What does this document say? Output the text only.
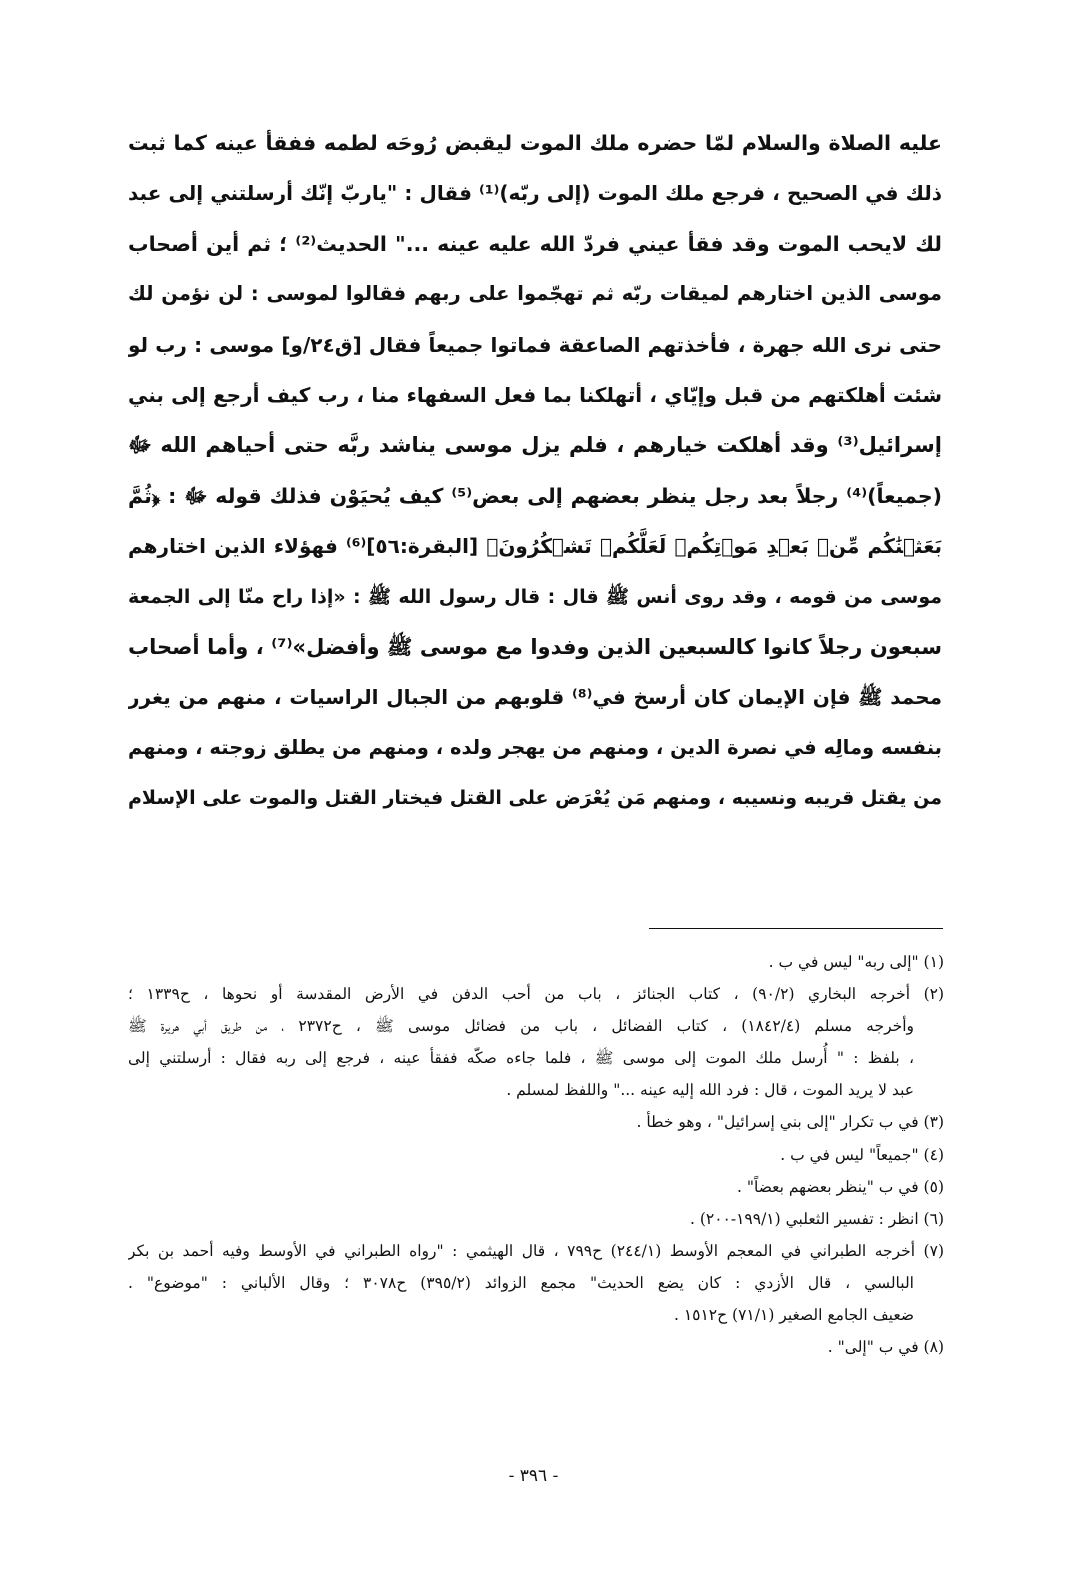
عليه الصلاة والسلام لمّا حضره ملك الموت ليقبض رُوحَه لطمه ففقأ عينه كما ثبت
ذلك في الصحيح ، فرجع ملك الموت (إلى ربّه)⁽¹⁾ فقال : "ياربّ إنّك أرسلتني إلى عبد
لك لايحب الموت وقد فقأ عيني فردّ الله عليه عينه ..." الحديث⁽²⁾ ؛ ثم أين أصحاب
موسى الذين اختارهم لميقات ربّه ثم تهجّموا على ربهم فقالوا لموسى : لن نؤمن لك
حتى نرى الله جهرة ، فأخذتهم الصاعقة فماتوا جميعاً فقال [ق٢٤/و] موسى : رب لو
شئت أهلكتهم من قبل وإيّاي ، أتهلكنا بما فعل السفهاء منا ، رب كيف أرجع إلى بني
إسرائيل⁽³⁾ وقد أهلكت خيارهم ، فلم يزل موسى يناشد ربَّه حتى أحياهم الله ﷻ
(جميعاً)⁽⁴⁾ رجلاً بعد رجل ينظر بعضهم إلى بعض⁽⁵⁾ كيف يُحيَوْن فذلك قوله ﷻ : ﴿ثُمَّ
بَعَثۡنَٰكُم مِّنۢ بَعۡدِ مَوۡتِكُمۡ لَعَلَّكُمۡ تَشۡكُرُونَ﴾ [البقرة:٥٦]⁽⁶⁾ فهؤلاء الذين اختارهم
موسى من قومه ، وقد روى أنس ﷺ قال : قال رسول الله ﷺ : «إذا راح منّا إلى الجمعة
سبعون رجلاً كانوا كالسبعين الذين وفدوا مع موسى ﷺ وأفضل»⁽⁷⁾ ، وأما أصحاب
محمد ﷺ فإن الإيمان كان أرسخ في⁽⁸⁾ قلوبهم من الجبال الراسيات ، منهم من يغرر
بنفسه ومالِه في نصرة الدين ، ومنهم من يهجر ولده ، ومنهم من يطلق زوجته ، ومنهم
من يقتل قريبه ونسيبه ، ومنهم مَن يُعْرَض على القتل فيختار القتل والموت على الإسلام
(١) "إلى ربه" ليس في ب .
(٢) أخرجه البخاري (٩٠/٢) ، كتاب الجنائز ، باب من أحب الدفن في الأرض المقدسة أو نحوها ، ح١٣٣٩ ؛
وأخرجه مسلم (١٨٤٢/٤) ، كتاب الفضائل ، باب من فضائل موسى ﷺ ، ح٢٣٧٢ ، من طريق أبي هريرة ﷺ
، بلفظ : " أُرسل ملك الموت إلى موسى ﷺ ، فلما جاءه صكّه ففقأ عينه ، فرجع إلى ربه فقال : أرسلتني إلى
عبد لا يريد الموت ، قال : فرد الله إليه عينه ..." واللفظ لمسلم .
(٣) في ب تكرار "إلى بني إسرائيل" ، وهو خطأ .
(٤) "جميعاً" ليس في ب .
(٥) في ب "ينظر بعضهم بعضاً" .
(٦) انظر : تفسير الثعلبي (١٩٩/١-٢٠٠) .
(٧) أخرجه الطبراني في المعجم الأوسط (٢٤٤/١) ح٧٩٩ ، قال الهيثمي : "رواه الطبراني في الأوسط وفيه أحمد بن بكر
البالسي ، قال الأزدي : كان يضع الحديث" مجمع الزوائد (٣٩٥/٢) ح٣٠٧٨ ؛ وقال الألباني : "موضوع" .
ضعيف الجامع الصغير (٧١/١) ح١٥١٢ .
(٨) في ب "إلى" .
- ٣٩٦ -
